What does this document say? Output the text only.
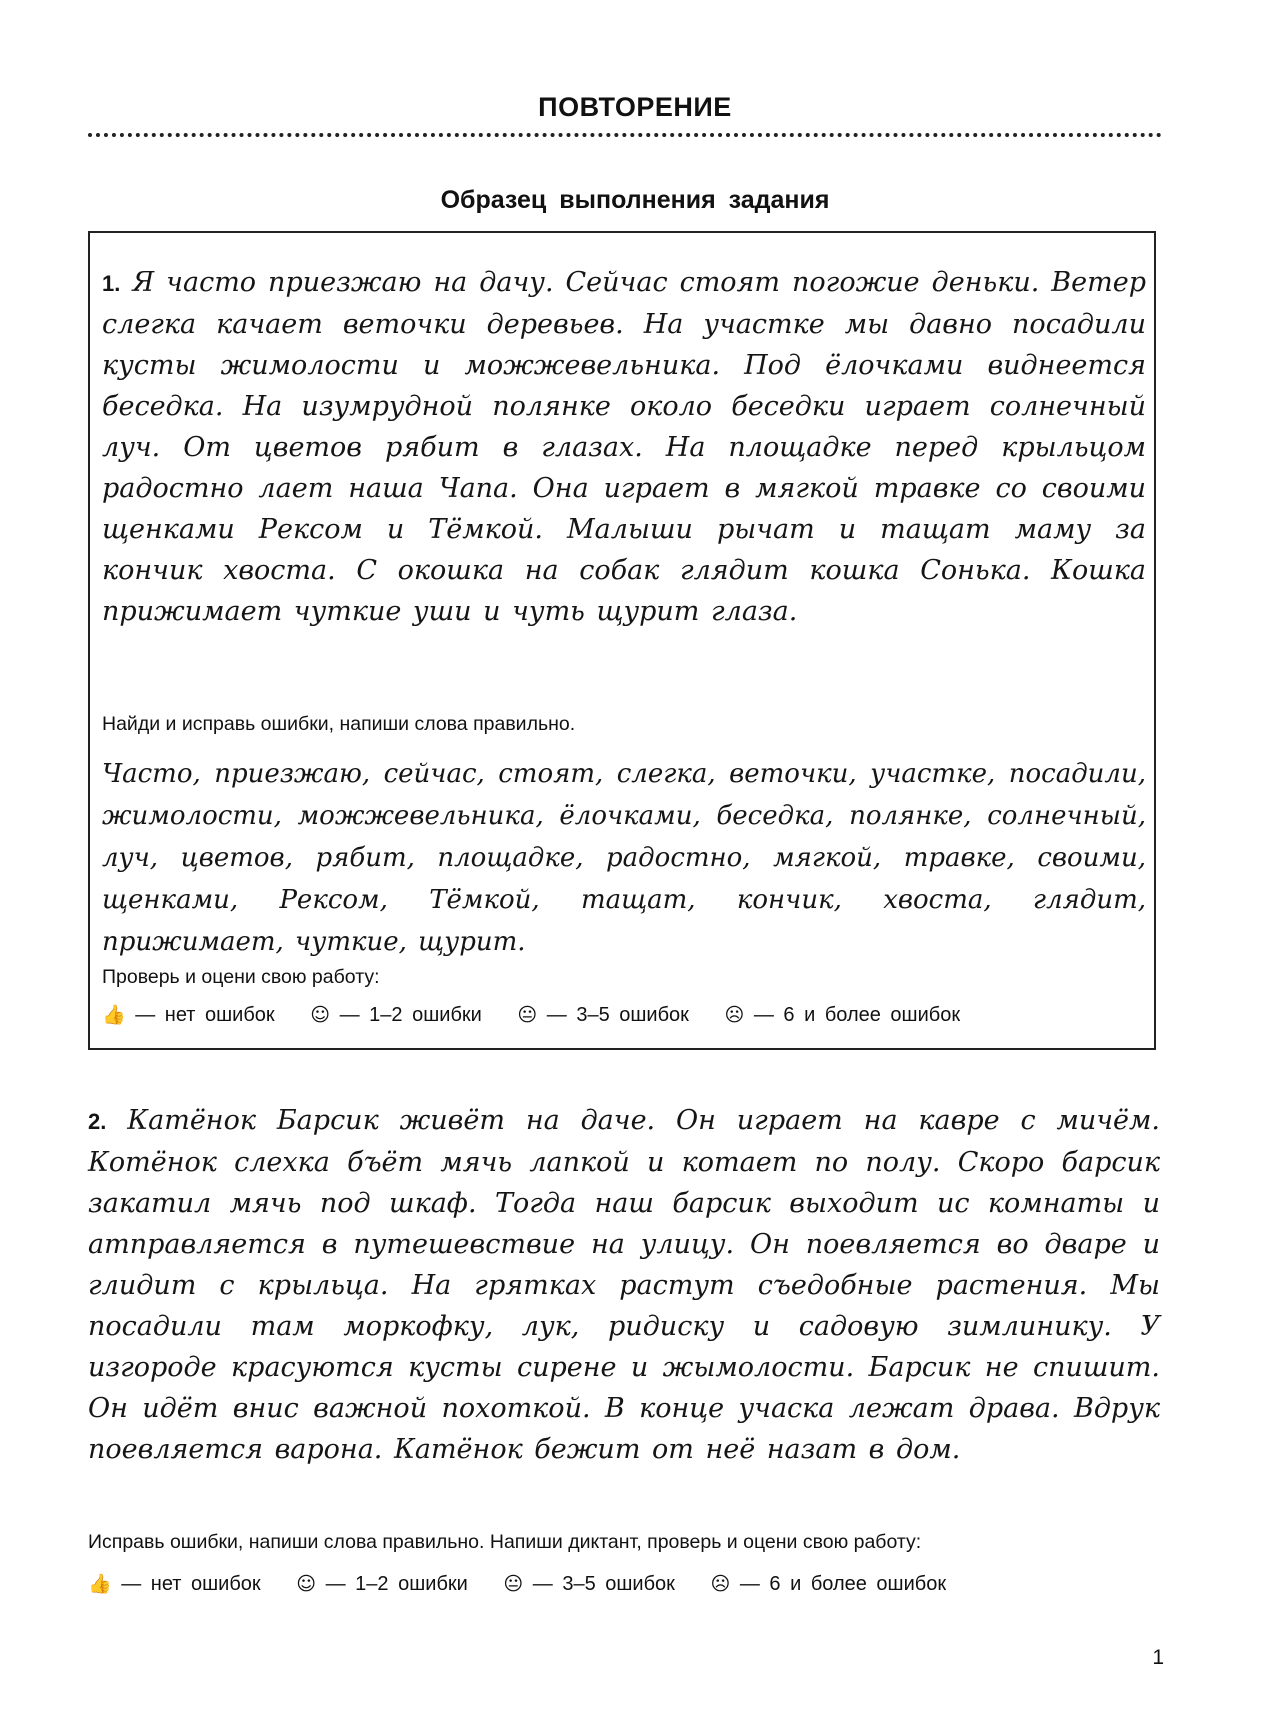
ПОВТОРЕНИЕ
Образец выполнения задания
1. Я часто приезжаю на дачу. Сейчас стоят погожие деньки. Ветер слегка качает веточки деревьев. На участке мы давно посадили кусты жимолости и можжевельника. Под ёлочками виднеется беседка. На изумрудной полянке около беседки играет солнечный луч. От цветов рябит в глазах. На площадке перед крыльцом радостно лает наша Чапа. Она играет в мягкой травке со своими щенками Рексом и Тёмкой. Малыши рычат и тащат маму за кончик хвоста. С окошка на собак глядит кошка Сонька. Кошка прижимает чуткие уши и чуть щурит глаза.
Найди и исправь ошибки, напиши слова правильно.
Часто, приезжаю, сейчас, стоят, слегка, веточки, участке, посадили, жимолости, можжевельника, ёлочками, беседка, полянке, солнечный, луч, цветов, рябит, площадке, радостно, мягкой, травке, своими, щенками, Рексом, Тёмкой, тащат, кончик, хвоста, глядит, прижимает, чуткие, щурит.
Проверь и оцени свою работу:
👍 — нет ошибок ☺ — 1–2 ошибки 😐 — 3–5 ошибок ☹ — 6 и более ошибок
2. Катёнок Барсик живёт на даче. Он играет на кавре с мичём. Котёнок слехка бъёт мячь лапкой и котает по полу. Скоро барсик закатил мячь под шкаф. Тогда наш барсик выходит ис комнаты и атправляется в путешевствие на улицу. Он поевляется во дваре и глидит с крыльца. На грятках растут съедобные растения. Мы посадили там моркофку, лук, ридиску и садовую зимлинику. У изгороде красуются кусты сирене и жымолости. Барсик не спишит. Он идёт внис важной похоткой. В конце учаска лежат драва. Вдрук поевляется варона. Катёнок бежит от неё назат в дом.
Исправь ошибки, напиши слова правильно. Напиши диктант, проверь и оцени свою работу:
👍 — нет ошибок ☺ — 1–2 ошибки 😐 — 3–5 ошибок ☹ — 6 и более ошибок
1
